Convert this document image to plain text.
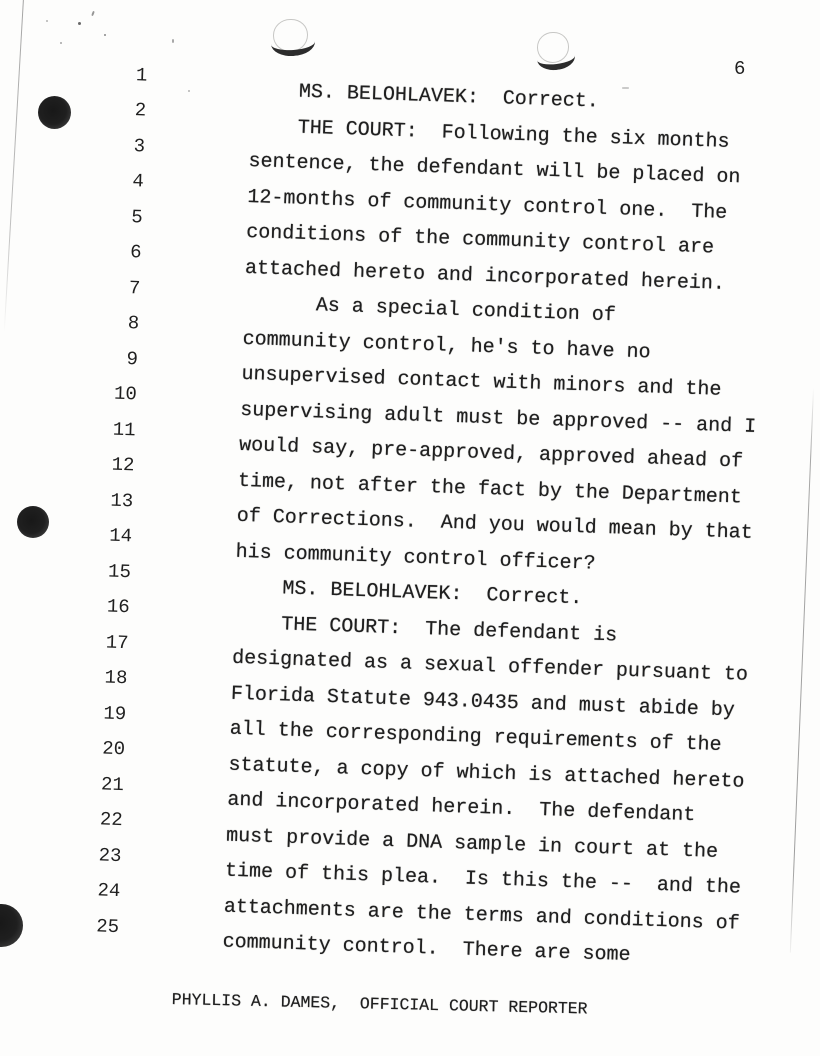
6
1
MS. BELOHLAVEK:  Correct.
2
THE COURT:  Following the six months
3
sentence, the defendant will be placed on
4
12-months of community control one.  The
5
conditions of the community control are
6
attached hereto and incorporated herein.
7
As a special condition of
8
community control, he's to have no
9
unsupervised contact with minors and the
10
supervising adult must be approved -- and I
11
would say, pre-approved, approved ahead of
12
time, not after the fact by the Department
13
of Corrections.  And you would mean by that
14
his community control officer?
15
MS. BELOHLAVEK:  Correct.
16
THE COURT:  The defendant is
17
designated as a sexual offender pursuant to
18
Florida Statute 943.0435 and must abide by
19
all the corresponding requirements of the
20
statute, a copy of which is attached hereto
21
and incorporated herein.  The defendant
22
must provide a DNA sample in court at the
23
time of this plea.  Is this the --  and the
24
attachments are the terms and conditions of
25
community control.  There are some
PHYLLIS A. DAMES,  OFFICIAL COURT REPORTER
